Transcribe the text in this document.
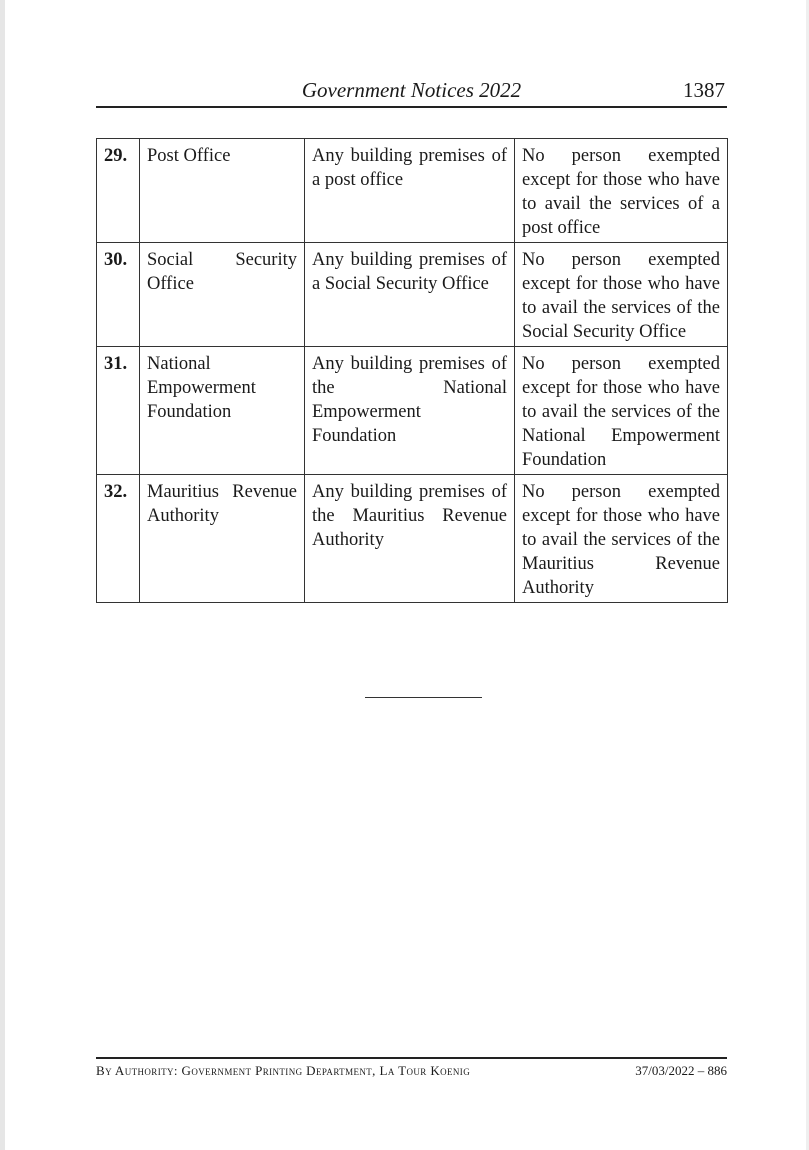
Government Notices 2022	1387
29.	Post Office	Any building premises of a post office	No person exempted except for those who have to avail the services of a post office
30.	Social Security Office	Any building premises of a Social Security Office	No person exempted except for those who have to avail the services of the Social Security Office
31.	National Empowerment Foundation	Any building premises of the National Empowerment Foundation	No person exempted except for those who have to avail the services of the National Empowerment Foundation
32.	Mauritius Revenue Authority	Any building premises of the Mauritius Revenue Authority	No person exempted except for those who have to avail the services of the Mauritius Revenue Authority
By Authority: Government Printing Department, La Tour Koenig	37/03/2022 – 886
